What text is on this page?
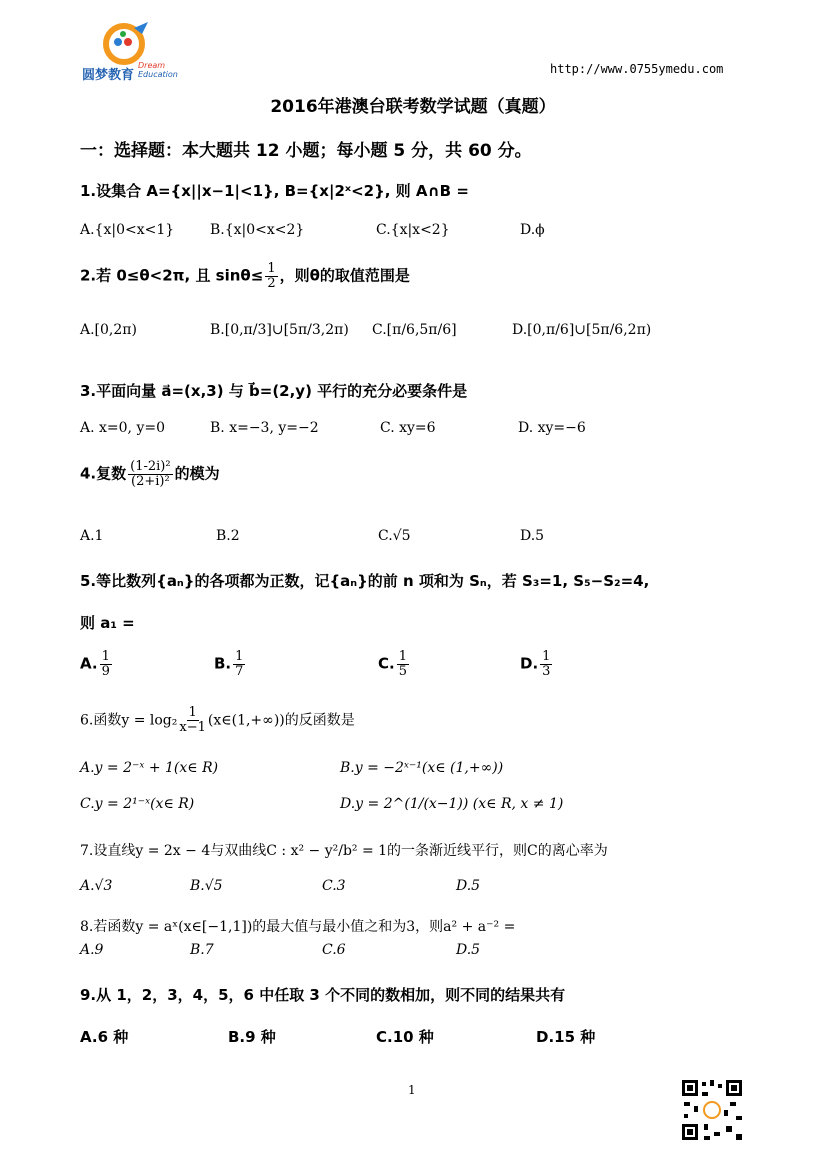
圆梦教育
Dream
Education	http://www.0755ymedu.com
2016年港澳台联考数学试题（真题）
一：选择题：本大题共 12 小题；每小题 5 分，共 60 分。
1.设集合 A={x||x−1|<1}, B={x|2ˣ<2}, 则 A∩B =
A.{x|0<x<1}	B.{x|0<x<2}	C.{x|x<2}	D.ϕ
2.若 0≤θ<2π, 且 $\sin\theta\le \frac{1}{2}$ ，则θ的取值范围是
A.[0,2π)	B.[0,π/3]∪[5π/3,2π) C.[π/6,5π/6]	D.[0,π/6]∪[5π/6,2π)
3.平面向量 a⃗=(x,3) 与 b⃗=(2,y) 平行的充分必要条件是
A. x=0, y=0	B. x=−3, y=−2	C. xy=6	D. xy=−6
4.复数 $\frac{\text{(1-2i)²}}{\text{(2+i)²}}$ 的模为
A.1	B.2	C.√5	D.5
5.等比数列{aₙ}的各项都为正数，记{aₙ}的前 n 项和为 Sₙ，若 S₃=1, S₅−S₂=4,
则 a₁ =
A. $\frac{1}{9}$	B. $\frac{1}{7}$	C. $\frac{1}{5}$	D. $\frac{1}{3}$
6.函数$y = \log_2 \frac{1}{x-1}$ (x∈(1,+∞))的反函数是
A.y = 2⁻ˣ + 1(x∈ R)	B.y = −2ˣ⁻¹(x∈ (1,+∞))
C.y = 2¹⁻ˣ(x∈ R)	D.y = 2^(1/(x−1)) (x∈ R, x ≠ 1)
7.设直线y = 2x − 4与双曲线C : x² − y²/b² = 1的一条渐近线平行，则C的离心率为
A.√3	B.√5	C.3	D.5
8.若函数y = aˣ(x∈[−1,1])的最大值与最小值之和为3，则a² + a⁻² =
A.9	B.7	C.6	D.5
9.从 1，2，3，4，5，6 中任取 3 个不同的数相加，则不同的结果共有
A.6 种	B.9 种	C.10 种	D.15 种
1
